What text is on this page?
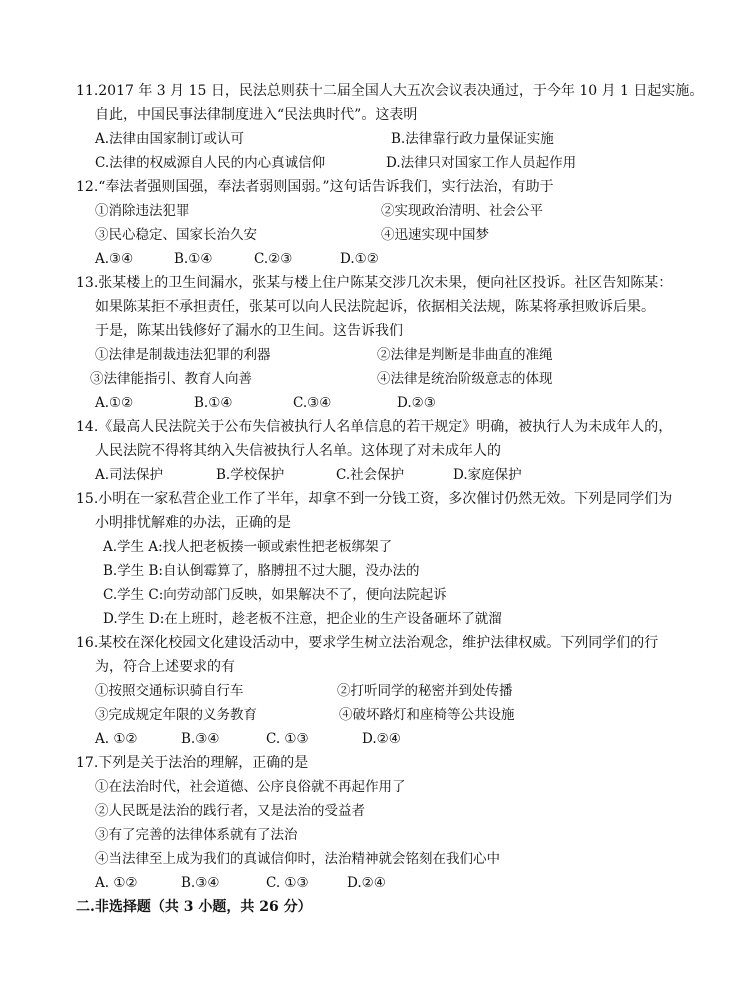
11.2017 年 3 月 15 日，民法总则获十二届全国人大五次会议表决通过，于今年 10 月 1 日起实施。
自此，中国民事法律制度进入“民法典时代”。这表明
A.法律由国家制订或认可	B.法律靠行政力量保证实施
C.法律的权威源自人民的内心真诚信仰	D.法律只对国家工作人员起作用
12.“奉法者强则国强，奉法者弱则国弱。”这句话告诉我们，实行法治，有助于
①消除违法犯罪	②实现政治清明、社会公平
③民心稳定、国家长治久安	④迅速实现中国梦
A.③④	B.①④	C.②③	D.①②
13.张某楼上的卫生间漏水，张某与楼上住户陈某交涉几次未果，便向社区投诉。社区告知陈某：
如果陈某拒不承担责任，张某可以向人民法院起诉，依据相关法规，陈某将承担败诉后果。
于是，陈某出钱修好了漏水的卫生间。这告诉我们
①法律是制裁违法犯罪的利器	②法律是判断是非曲直的准绳
③法律能指引、教育人向善	④法律是统治阶级意志的体现
A.①②	B.①④	C.③④	D.②③
14.《最高人民法院关于公布失信被执行人名单信息的若干规定》明确，被执行人为未成年人的，
人民法院不得将其纳入失信被执行人名单。这体现了对未成年人的
A.司法保护	B.学校保护	C.社会保护	D.家庭保护
15.小明在一家私营企业工作了半年，却拿不到一分钱工资，多次催讨仍然无效。下列是同学们为
小明排忧解难的办法，正确的是
A.学生 A:找人把老板揍一顿或索性把老板绑架了
B.学生 B:自认倒霉算了，胳膊扭不过大腿，没办法的
C.学生 C:向劳动部门反映，如果解决不了，便向法院起诉
D.学生 D:在上班时，趁老板不注意，把企业的生产设备砸坏了就溜
16.某校在深化校园文化建设活动中，要求学生树立法治观念，维护法律权威。下列同学们的行
为，符合上述要求的有
①按照交通标识骑自行车	②打听同学的秘密并到处传播
③完成规定年限的义务教育	④破坏路灯和座椅等公共设施
A. ①②	B.③④	C. ①③	D.②④
17.下列是关于法治的理解，正确的是
①在法治时代，社会道德、公序良俗就不再起作用了
②人民既是法治的践行者，又是法治的受益者
③有了完善的法律体系就有了法治
④当法律至上成为我们的真诚信仰时，法治精神就会铭刻在我们心中
A. ①②	B.③④	C. ①③	D.②④
二.非选择题（共 3 小题，共 26 分）
